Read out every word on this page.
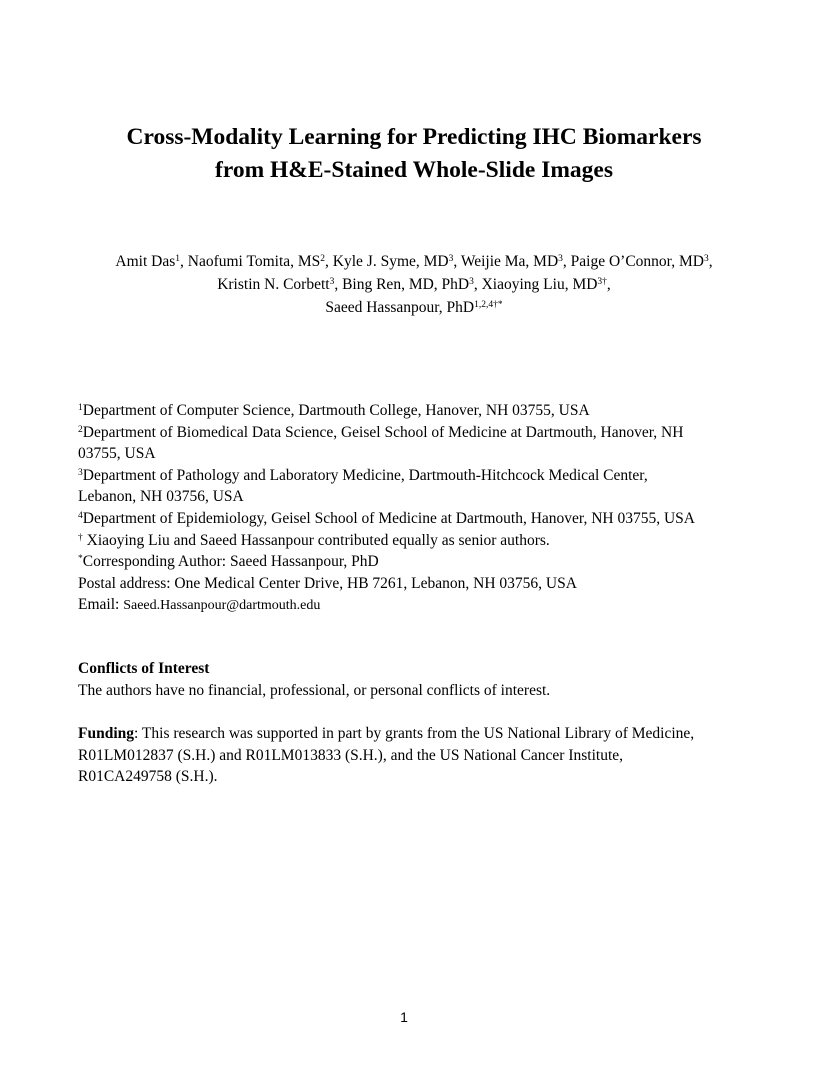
Cross-Modality Learning for Predicting IHC Biomarkers
from H&E-Stained Whole-Slide Images
Amit Das$^1$, Naofumi Tomita, $MS^2$, Kyle J. Syme, $MD^3$, Weijie Ma, $MD^3$, Paige O’Connor, $MD^3$,
Kristin N. Corbett$^3$, Bing Ren, MD, PhD$^3$, Xiaoying Liu, $MD^{3\dagger}$,
Saeed Hassanpour, PhD$^{1,2,4\dagger*}$
$^1$Department of Computer Science, Dartmouth College, Hanover, NH 03755, USA
$^2$Department of Biomedical Data Science, Geisel School of Medicine at Dartmouth, Hanover, NH
03755, USA
$^3$Department of Pathology and Laboratory Medicine, Dartmouth-Hitchcock Medical Center,
Lebanon, NH 03756, USA
$^4$Department of Epidemiology, Geisel School of Medicine at Dartmouth, Hanover, NH 03755, USA
† Xiaoying Liu and Saeed Hassanpour contributed equally as senior authors.
*Corresponding Author: Saeed Hassanpour, PhD
Postal address: One Medical Center Drive, HB 7261, Lebanon, NH 03756, USA
Email: Saeed.Hassanpour@dartmouth.edu
Conflicts of Interest
The authors have no financial, professional, or personal conflicts of interest.
Funding: This research was supported in part by grants from the US National Library of Medicine,
R01LM012837 (S.H.) and R01LM013833 (S.H.), and the US National Cancer Institute,
R01CA249758 (S.H.).
1
